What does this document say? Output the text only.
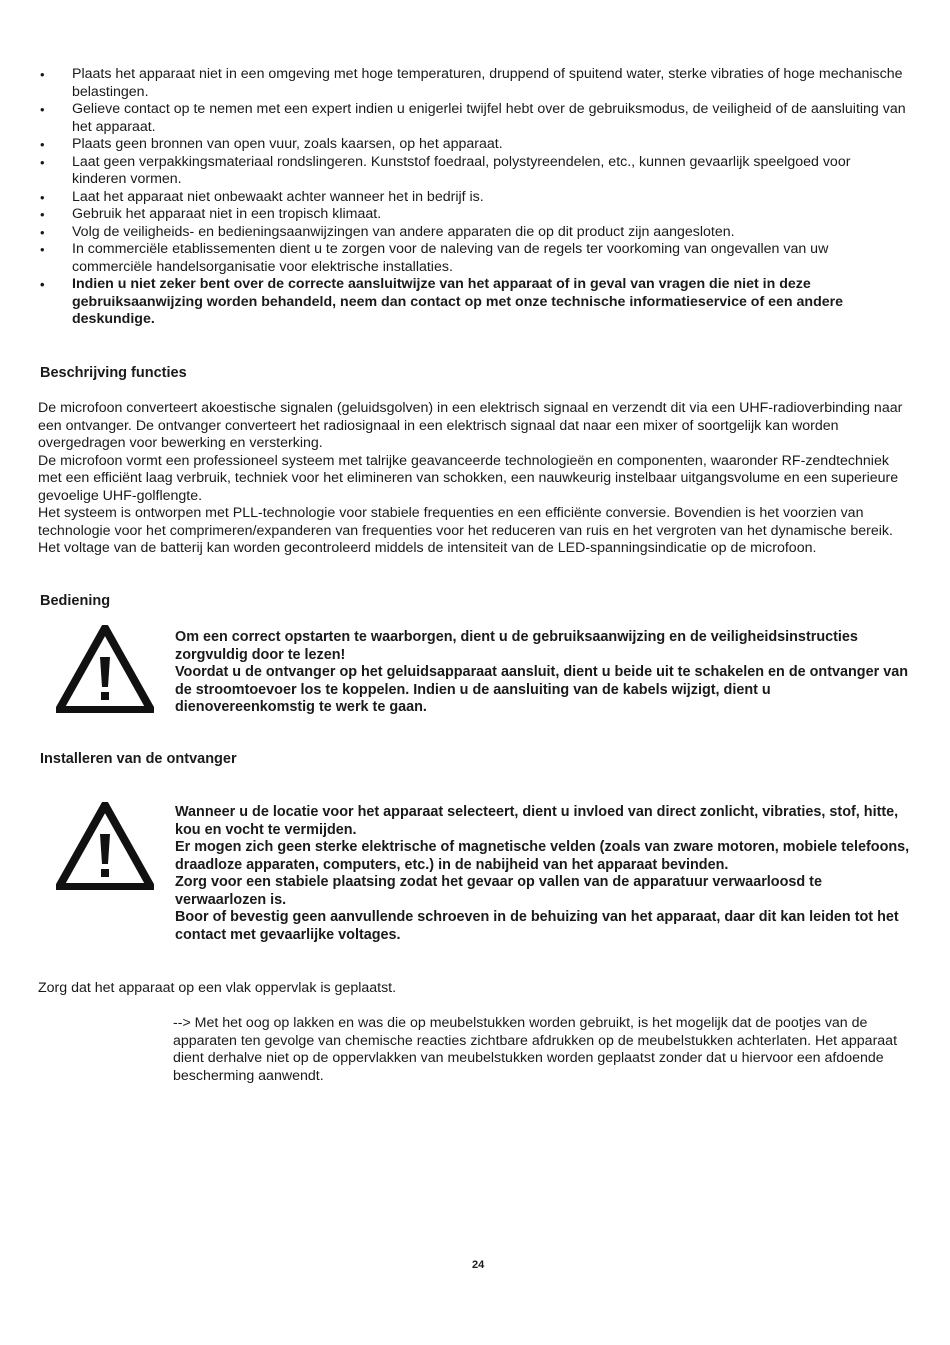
• Plaats het apparaat niet in een omgeving met hoge temperaturen, druppend of spuitend water, sterke vibraties of hoge mechanische belastingen.
• Gelieve contact op te nemen met een expert indien u enigerlei twijfel hebt over de gebruiksmodus, de veiligheid of de aansluiting van het apparaat.
• Plaats geen bronnen van open vuur, zoals kaarsen, op het apparaat.
• Laat geen verpakkingsmateriaal rondslingeren. Kunststof foedraal, polystyreendelen, etc., kunnen gevaarlijk speelgoed voor kinderen vormen.
• Laat het apparaat niet onbewaakt achter wanneer het in bedrijf is.
• Gebruik het apparaat niet in een tropisch klimaat.
• Volg de veiligheids- en bedieningsaanwijzingen van andere apparaten die op dit product zijn aangesloten.
• In commerciële etablissementen dient u te zorgen voor de naleving van de regels ter voorkoming van ongevallen van uw commerciële handelsorganisatie voor elektrische installaties.
• Indien u niet zeker bent over de correcte aansluitwijze van het apparaat of in geval van vragen die niet in deze gebruiksaanwijzing worden behandeld, neem dan contact op met onze technische informatieservice of een andere deskundige.
Beschrijving functies

De microfoon converteert akoestische signalen (geluidsgolven) in een elektrisch signaal en verzendt dit via een UHF-radioverbinding naar een ontvanger. De ontvanger converteert het radiosignaal in een elektrisch signaal dat naar een mixer of soortgelijk kan worden overgedragen voor bewerking en versterking.

De microfoon vormt een professioneel systeem met talrijke geavanceerde technologieën en componenten, waaronder RF-zendtechniek met een efficiënt laag verbruik, techniek voor het elimineren van schokken, een nauwkeurig instelbaar uitgangsvolume en een superieure gevoelige UHF-golflengte.

Het systeem is ontworpen met PLL-technologie voor stabiele frequenties en een efficiënte conversie. Bovendien is het voorzien van technologie voor het comprimeren/expanderen van frequenties voor het reduceren van ruis en het vergroten van het dynamische bereik. Het voltage van de batterij kan worden gecontroleerd middels de intensiteit van de LED-spanningsindicatie op de microfoon.

Bediening

Om een correct opstarten te waarborgen, dient u de gebruiksaanwijzing en de veiligheidsinstructies zorgvuldig door te lezen!

Voordat u de ontvanger op het geluidsapparaat aansluit, dient u beide uit te schakelen en de ontvanger van de stroomtoevoer los te koppelen. Indien u de aansluiting van de kabels wijzigt, dient u dienovereenkomstig te werk te gaan.

Installeren van de ontvanger

Wanneer u de locatie voor het apparaat selecteert, dient u invloed van direct zonlicht, vibraties, stof, hitte, kou en vocht te vermijden.

Er mogen zich geen sterke elektrische of magnetische velden (zoals van zware motoren, mobiele telefoons, draadloze apparaten, computers, etc.) in de nabijheid van het apparaat bevinden.

Zorg voor een stabiele plaatsing zodat het gevaar op vallen van de apparatuur verwaarloosd te verwaarlozen is.

Boor of bevestig geen aanvullende schroeven in de behuizing van het apparaat, daar dit kan leiden tot het contact met gevaarlijke voltages.

Zorg dat het apparaat op een vlak oppervlak is geplaatst.
--> Met het oog op lakken en was die op meubelstukken worden gebruikt, is het mogelijk dat de pootjes van de apparaten ten gevolge van chemische reacties zichtbare afdrukken op de meubelstukken achterlaten. Het apparaat dient derhalve niet op de oppervlakken van meubelstukken worden geplaatst zonder dat u hiervoor een afdoende bescherming aanwendt.
24
